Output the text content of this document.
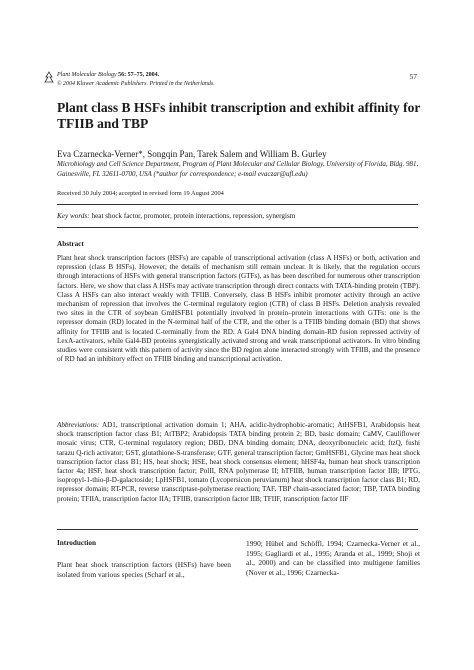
Plant Molecular Biology 56: 57–75, 2004.
© 2004 Kluwer Academic Publishers. Printed in the Netherlands.
57
Plant class B HSFs inhibit transcription and exhibit affinity for TFIIB and TBP
Eva Czarnecka-Verner*, Songqin Pan, Tarek Salem and William B. Gurley
Microbiology and Cell Science Department, Program of Plant Molecular and Cellular Biology, University of Florida, Bldg. 981, Gainesville, FL 32611-0700, USA (*author for correspondence; e-mail evaczar@ufl.edu)
Received 30 July 2004; accepted in revised form 19 August 2004
Key words: heat shock factor, promoter, protein interactions, repression, synergism
Abstract
Plant heat shock transcription factors (HSFs) are capable of transcriptional activation (class A HSFs) or both, activation and repression (class B HSFs). However, the details of mechanism still remain unclear. It is likely, that the regulation occurs through interactions of HSFs with general transcription factors (GTFs), as has been described for numerous other transcription factors. Here, we show that class A HSFs may activate transcription through direct contacts with TATA-binding protein (TBP). Class A HSFs can also interact weakly with TFIIB. Conversely, class B HSFs inhibit promoter activity through an active mechanism of repression that involves the C-terminal regulatory region (CTR) of class B HSFs. Deletion analysis revealed two sites in the CTR of soybean GmHSFB1 potentially involved in protein–protein interactions with GTFs: one is the repressor domain (RD) located in the N-terminal half of the CTR, and the other is a TFIIB binding domain (BD) that shows affinity for TFIIB and is located C-terminally from the RD. A Gal4 DNA binding domain-RD fusion repressed activity of LexA-activators, while Gal4-BD proteins synergistically activated strong and weak transcriptional activators. In vitro binding studies were consistent with this pattern of activity since the BD region alone interacted strongly with TFIIB, and the presence of RD had an inhibitory effect on TFIIB binding and transcriptional activation.
Abbreviations: AD1, transcriptional activation domain 1; AHA, acidic-hydrophobic-aromatic; AtHSFB1, Arabidopsis heat shock transcription factor class B1; AtTBP2; Arabidopsis TATA binding protein 2; BD, basic domain; CaMV, Cauliflower mosaic virus; CTR, C-terminal regulatory region; DBD, DNA binding domain; DNA, deoxyribonucleic acid; ftzQ, fushi tarazu Q-rich activator; GST, glutathione-S-transferase; GTF, general transcription factor; GmHSFB1, Glycine max heat shock transcription factor class B1; HS, heat shock; HSE, heat shock consensus element; hHSF4a, human heat shock transcription factor 4a; HSF, heat shock transcription factor; PolII, RNA polymerase II; hTFIIB, human transcription factor IIB; IPTG, isopropyl-1-thio-β-D-galactoside; LpHSFB1, tomato (Lycopersicon peruvianum) heat shock transcription factor class B1; RD, repressor domain; RT-PCR, reverse transcriptase-polymerase reaction; TAF, TBP chain-associated factor; TBP, TATA binding protein; TFIIA, transcription factor IIA; TFIIB, transcription factor IIB; TFIIF, transcription factor IIF
Introduction
Plant heat shock transcription factors (HSFs) have been isolated from various species (Scharf et al.,
1990; Hübel and Schöffl, 1994; Czarnecka-Verner et al., 1995; Gagliardi et al., 1995; Aranda et al., 1999; Shoji et al., 2000) and can be classified into multigene families (Nover et al., 1996; Czarnecka-
